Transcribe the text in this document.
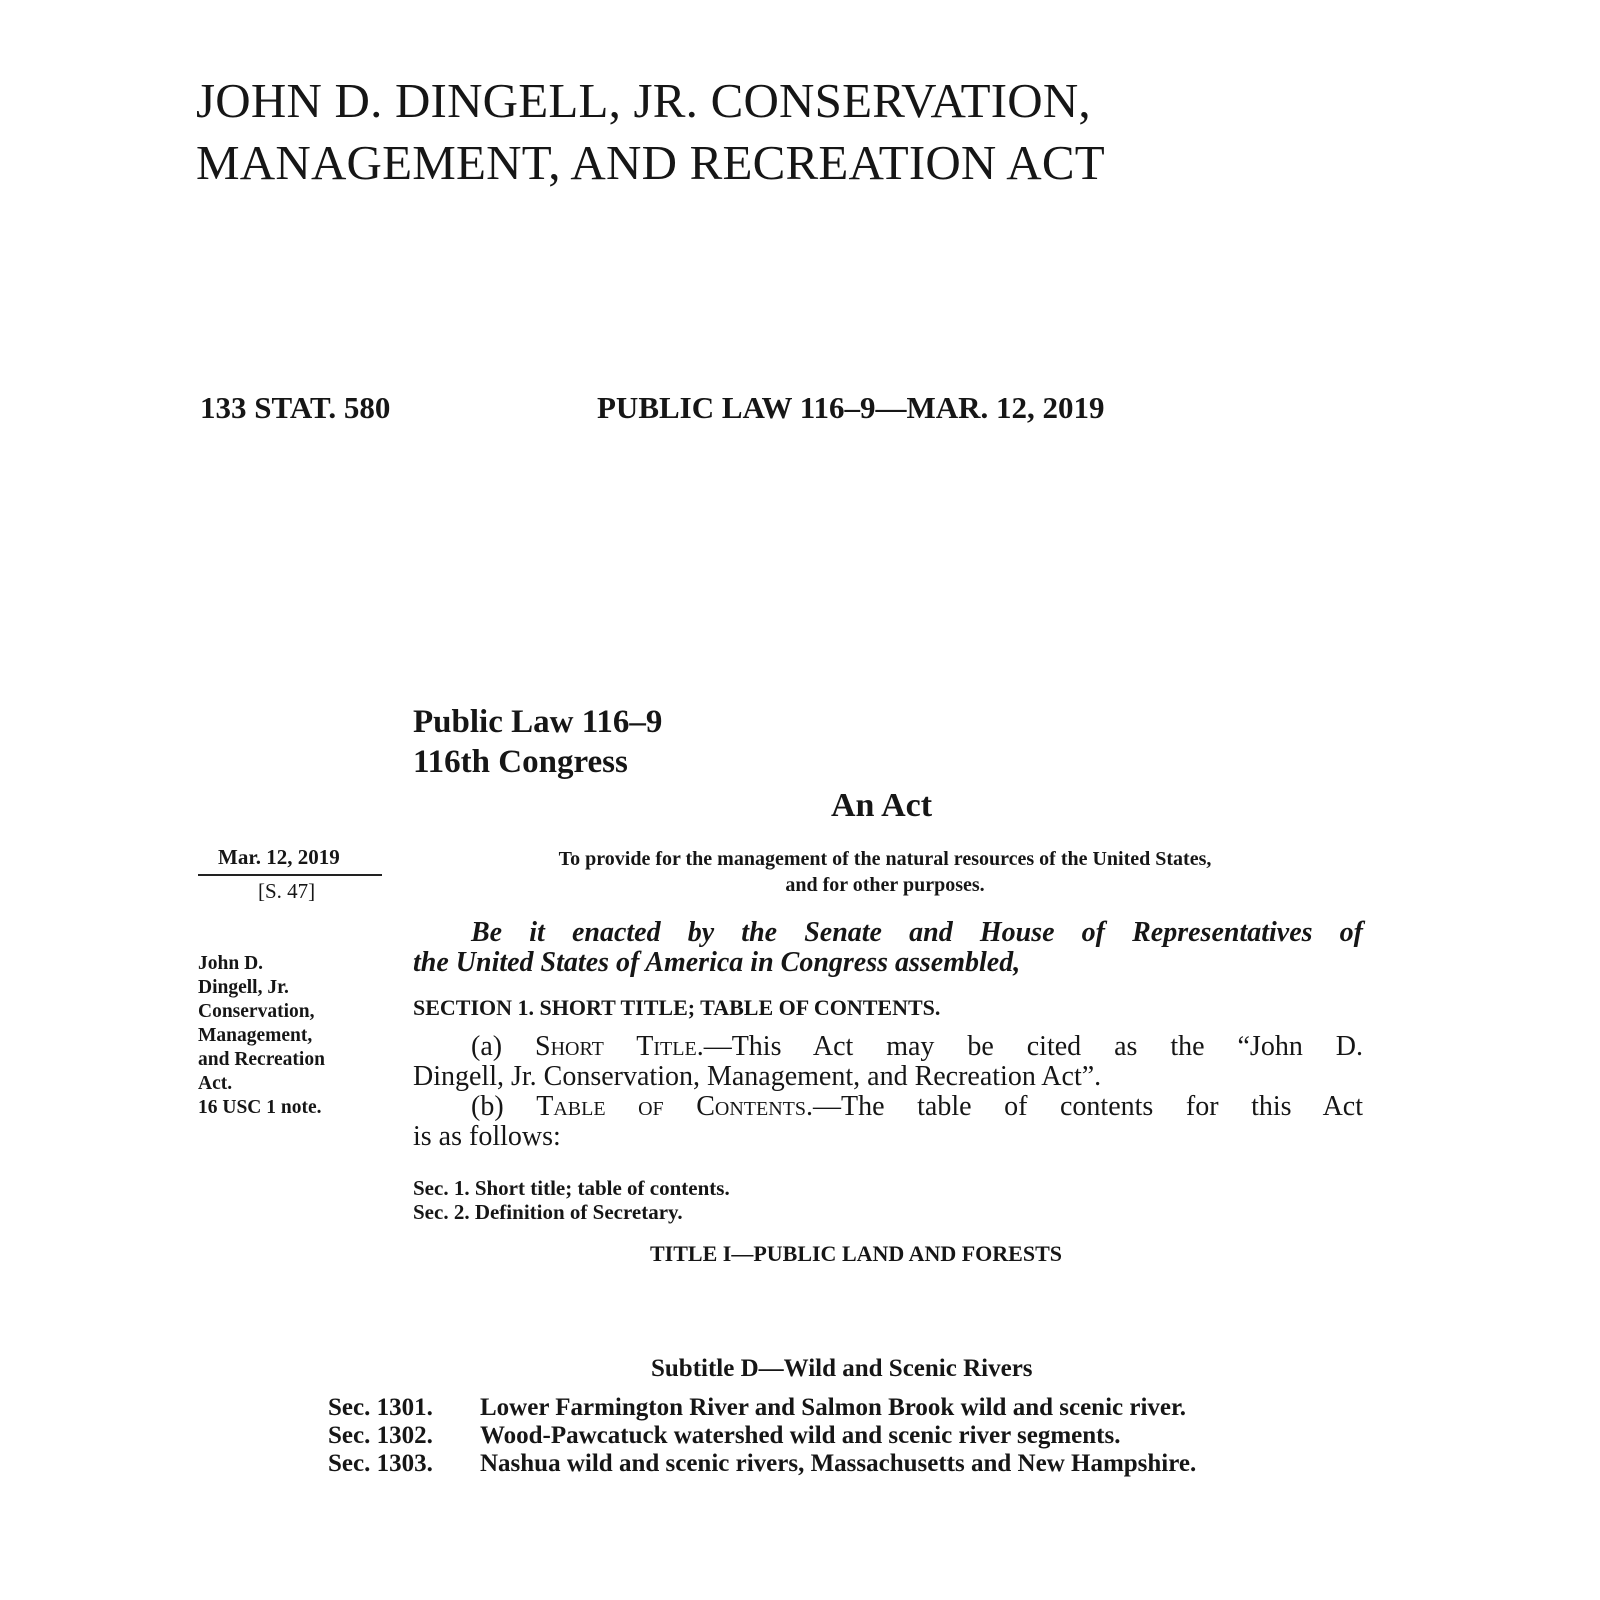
JOHN D. DINGELL, JR. CONSERVATION,
MANAGEMENT, AND RECREATION ACT
133 STAT. 580	PUBLIC LAW 116–9—MAR. 12, 2019
Public Law 116–9
116th Congress
An Act
Mar. 12, 2019
[S. 47]
To provide for the management of the natural resources of the United States,
and for other purposes.
John D.
Dingell, Jr.
Conservation,
Management,
and Recreation
Act.
16 USC 1 note.
Be it enacted by the Senate and House of Representatives of
the United States of America in Congress assembled,
SECTION 1. SHORT TITLE; TABLE OF CONTENTS.
(a) Short Title.—This Act may be cited as the “John D.
Dingell, Jr. Conservation, Management, and Recreation Act”.
(b) Table of Contents.—The table of contents for this Act
is as follows:
Sec. 1. Short title; table of contents.
Sec. 2. Definition of Secretary.
TITLE I—PUBLIC LAND AND FORESTS
Subtitle D—Wild and Scenic Rivers
Sec. 1301. Lower Farmington River and Salmon Brook wild and scenic river.
Sec. 1302. Wood-Pawcatuck watershed wild and scenic river segments.
Sec. 1303. Nashua wild and scenic rivers, Massachusetts and New Hampshire.
